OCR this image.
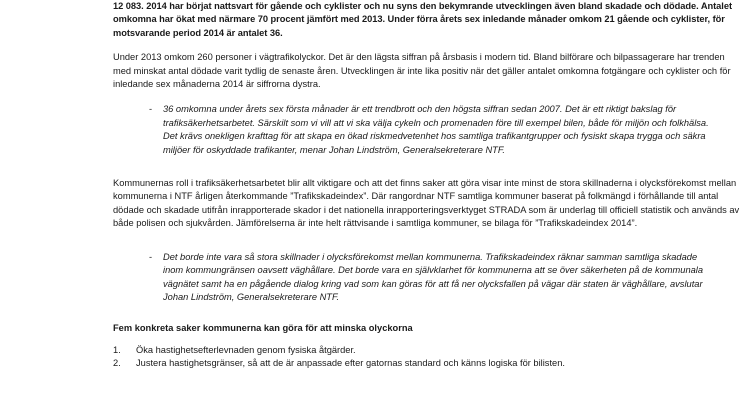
12 083. 2014 har börjat nattsvart för gående och cyklister och nu syns den bekymrande utvecklingen även bland skadade och dödade. Antalet omkomna har ökat med närmare 70 procent jämfört med 2013. Under förra årets sex inledande månader omkom 21 gående och cyklister, för motsvarande period 2014 är antalet 36.

Under 2013 omkom 260 personer i vägtrafikolyckor. Det är den lägsta siffran på årsbasis i modern tid. Bland bilförare och bilpassagerare har trenden med minskat antal dödade varit tydlig de senaste åren. Utvecklingen är inte lika positiv när det gäller antalet omkomna fotgängare och cyklister och för inledande sex månaderna 2014 är siffrorna dystra.

- 36 omkomna under årets sex första månader är ett trendbrott och den högsta siffran sedan 2007. Det är ett riktigt bakslag för trafiksäkerhetsarbetet. Särskilt som vi vill att vi ska välja cykeln och promenaden före till exempel bilen, både för miljön och folkhälsa. Det krävs onekligen krafttag för att skapa en ökad riskmedvetenhet hos samtliga trafikantgrupper och fysiskt skapa trygga och säkra miljöer för oskyddade trafikanter, menar Johan Lindström, Generalsekreterare NTF.

Kommunernas roll i trafiksäkerhetsarbetet blir allt viktigare och att det finns saker att göra visar inte minst de stora skillnaderna i olycksförekomst mellan kommunerna i NTF årligen återkommande ”Trafikskadeindex”. Där rangordnar NTF samtliga kommuner baserat på folkmängd i förhållande till antal dödade och skadade utifrån inrapporterade skador i det nationella inrapporteringsverktyget STRADA som är underlag till officiell statistik och används av både polisen och sjukvården. Jämförelserna är inte helt rättvisande i samtliga kommuner, se bilaga för ”Trafikskadeindex 2014”.

- Det borde inte vara så stora skillnader i olycksförekomst mellan kommunerna. Trafikskadeindex räknar samman samtliga skadade inom kommungränsen oavsett väghållare. Det borde vara en självklarhet för kommunerna att se över säkerheten på de kommunala vägnätet samt ha en pågående dialog kring vad som kan göras för att få ner olycksfallen på vägar där staten är väghållare, avslutar Johan Lindström, Generalsekreterare NTF.

Fem konkreta saker kommunerna kan göra för att minska olyckorna

1. Öka hastighetsefterlevnaden genom fysiska åtgärder.
2. Justera hastighetsgränser, så att de är anpassade efter gatornas standard och känns logiska för bilisten.
